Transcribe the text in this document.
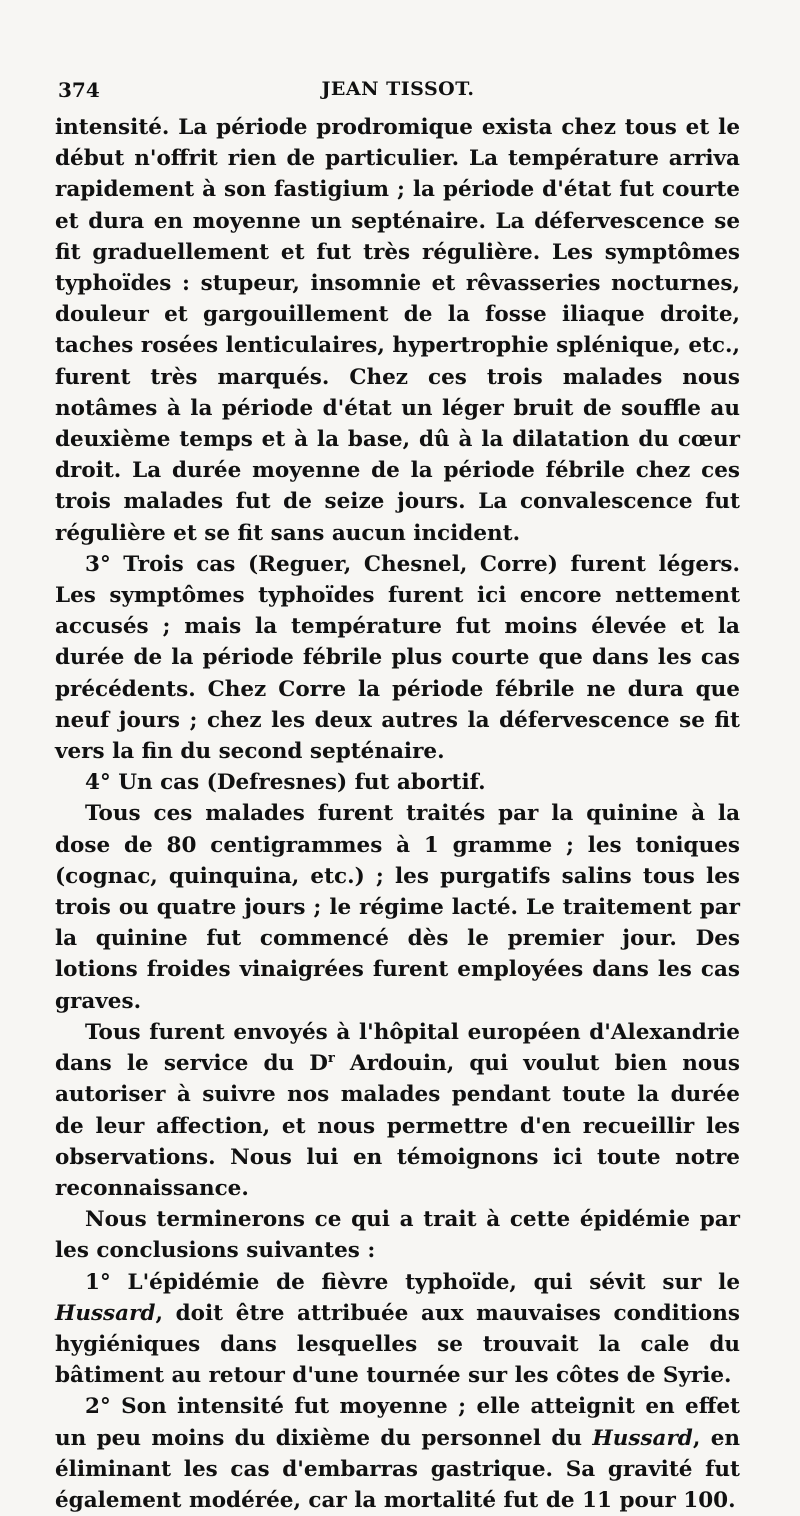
374	JEAN TISSOT.

intensité. La période prodromique exista chez tous et le début n'offrit rien de particulier. La température arriva rapidement à son fastigium ; la période d'état fut courte et dura en moyenne un septénaire. La défervescence se fit graduellement et fut très régulière. Les symptômes typhoïdes : stupeur, insomnie et rêvasseries nocturnes, douleur et gargouillement de la fosse iliaque droite, taches rosées lenticulaires, hypertrophie splénique, etc., furent très marqués. Chez ces trois malades nous notâmes à la période d'état un léger bruit de souffle au deuxième temps et à la base, dû à la dilatation du cœur droit. La durée moyenne de la période fébrile chez ces trois malades fut de seize jours. La convalescence fut régulière et se fit sans aucun incident.

3° Trois cas (Reguer, Chesnel, Corre) furent légers. Les symptômes typhoïdes furent ici encore nettement accusés ; mais la température fut moins élevée et la durée de la période fébrile plus courte que dans les cas précédents. Chez Corre la période fébrile ne dura que neuf jours ; chez les deux autres la défervescence se fit vers la fin du second septénaire.

4° Un cas (Defresnes) fut abortif.

Tous ces malades furent traités par la quinine à la dose de 80 centigrammes à 1 gramme ; les toniques (cognac, quinquina, etc.) ; les purgatifs salins tous les trois ou quatre jours ; le régime lacté. Le traitement par la quinine fut commencé dès le premier jour. Des lotions froides vinaigrées furent employées dans les cas graves.

Tous furent envoyés à l'hôpital européen d'Alexandrie dans le service du $D^r$ Ardouin, qui voulut bien nous autoriser à suivre nos malades pendant toute la durée de leur affection, et nous permettre d'en recueillir les observations. Nous lui en témoignons ici toute notre reconnaissance.

Nous terminerons ce qui a trait à cette épidémie par les conclusions suivantes :

1° L'épidémie de fièvre typhoïde, qui sévit sur le Hussard, doit être attribuée aux mauvaises conditions hygiéniques dans lesquelles se trouvait la cale du bâtiment au retour d'une tournée sur les côtes de Syrie.

2° Son intensité fut moyenne ; elle atteignit en effet un peu moins du dixième du personnel du Hussard, en éliminant les cas d'embarras gastrique. Sa gravité fut également modérée, car la mortalité fut de 11 pour 100.
